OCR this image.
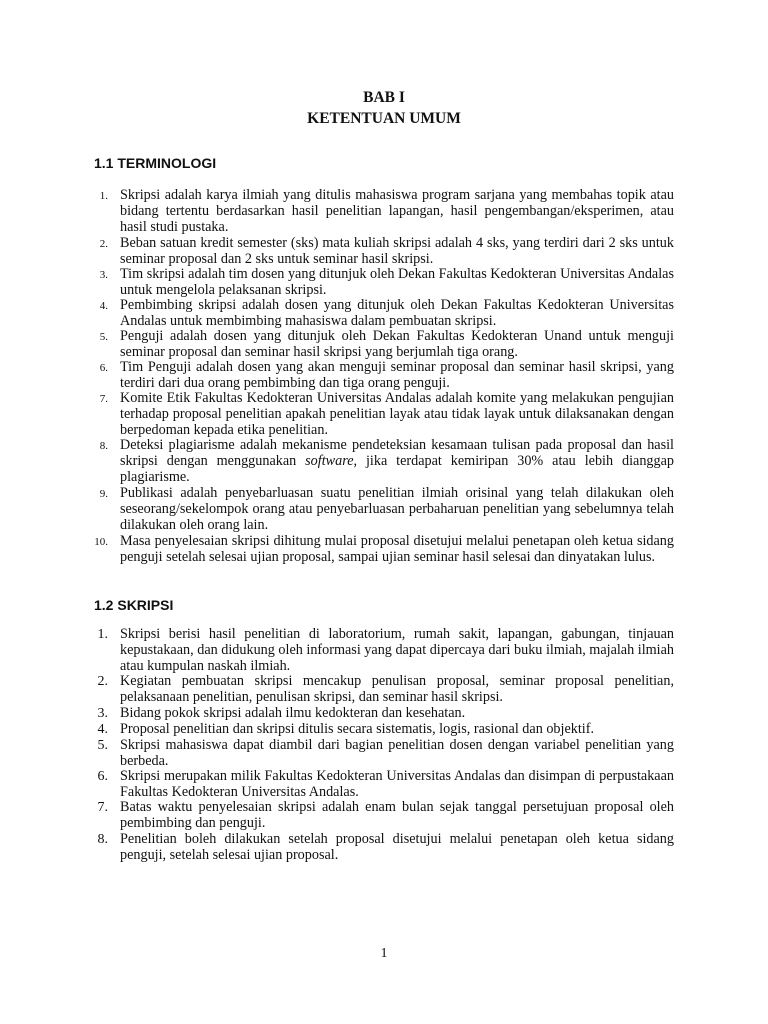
BAB I
KETENTUAN UMUM
1.1 TERMINOLOGI
1. Skripsi adalah karya ilmiah yang ditulis mahasiswa program sarjana yang membahas topik atau bidang tertentu berdasarkan hasil penelitian lapangan, hasil pengembangan/eksperimen, atau hasil studi pustaka.
2. Beban satuan kredit semester (sks) mata kuliah skripsi adalah 4 sks, yang terdiri dari 2 sks untuk seminar proposal dan 2 sks untuk seminar hasil skripsi.
3. Tim skripsi adalah tim dosen yang ditunjuk oleh Dekan Fakultas Kedokteran Universitas Andalas untuk mengelola pelaksanan skripsi.
4. Pembimbing skripsi adalah dosen yang ditunjuk oleh Dekan Fakultas Kedokteran Universitas Andalas untuk membimbing mahasiswa dalam pembuatan skripsi.
5. Penguji adalah dosen yang ditunjuk oleh Dekan Fakultas Kedokteran Unand untuk menguji seminar proposal dan seminar hasil skripsi yang berjumlah tiga orang.
6. Tim Penguji adalah dosen yang akan menguji seminar proposal dan seminar hasil skripsi, yang terdiri dari dua orang pembimbing dan tiga orang penguji.
7. Komite Etik Fakultas Kedokteran Universitas Andalas adalah komite yang melakukan pengujian terhadap proposal penelitian apakah penelitian layak atau tidak layak untuk dilaksanakan dengan berpedoman kepada etika penelitian.
8. Deteksi plagiarisme adalah mekanisme pendeteksian kesamaan tulisan pada proposal dan hasil skripsi dengan menggunakan software, jika terdapat kemiripan 30% atau lebih dianggap plagiarisme.
9. Publikasi adalah penyebarluasan suatu penelitian ilmiah orisinal yang telah dilakukan oleh seseorang/sekelompok orang atau penyebarluasan perbaharuan penelitian yang sebelumnya telah dilakukan oleh orang lain.
10. Masa penyelesaian skripsi dihitung mulai proposal disetujui melalui penetapan oleh ketua sidang penguji setelah selesai ujian proposal, sampai ujian seminar hasil selesai dan dinyatakan lulus.
1.2 SKRIPSI
1. Skripsi berisi hasil penelitian di laboratorium, rumah sakit, lapangan, gabungan, tinjauan kepustakaan, dan didukung oleh informasi yang dapat dipercaya dari buku ilmiah, majalah ilmiah atau kumpulan naskah ilmiah.
2. Kegiatan pembuatan skripsi mencakup penulisan proposal, seminar proposal penelitian, pelaksanaan penelitian, penulisan skripsi, dan seminar hasil skripsi.
3. Bidang pokok skripsi adalah ilmu kedokteran dan kesehatan.
4. Proposal penelitian dan skripsi ditulis secara sistematis, logis, rasional dan objektif.
5. Skripsi mahasiswa dapat diambil dari bagian penelitian dosen dengan variabel penelitian yang berbeda.
6. Skripsi merupakan milik Fakultas Kedokteran Universitas Andalas dan disimpan di perpustakaan Fakultas Kedokteran Universitas Andalas.
7. Batas waktu penyelesaian skripsi adalah enam bulan sejak tanggal persetujuan proposal oleh pembimbing dan penguji.
8. Penelitian boleh dilakukan setelah proposal disetujui melalui penetapan oleh ketua sidang penguji, setelah selesai ujian proposal.
1
